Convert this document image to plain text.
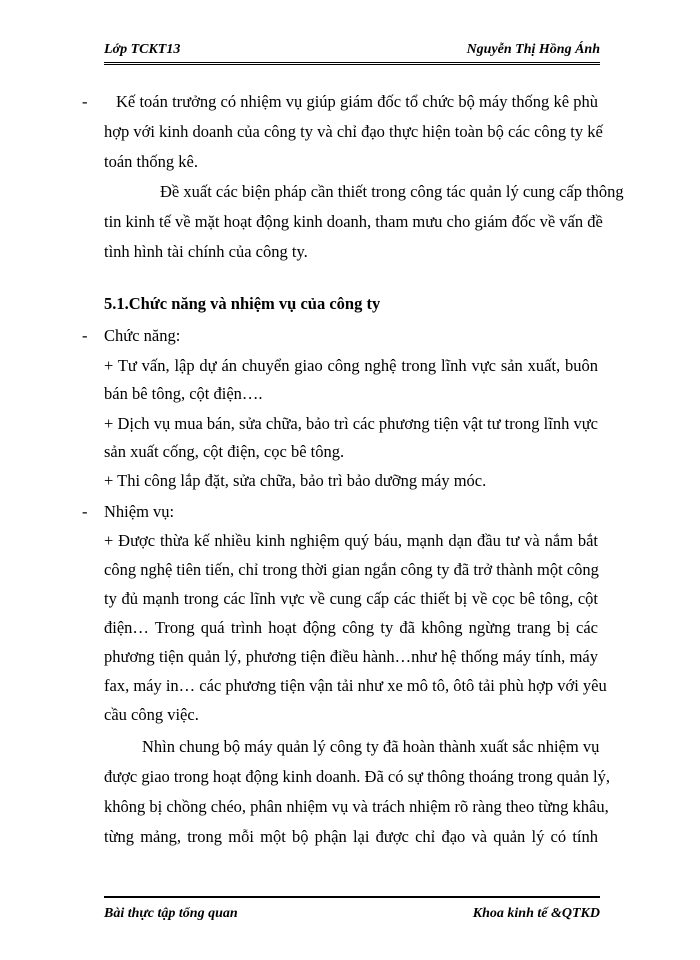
Lớp TCKT13	Nguyễn Thị Hồng Ánh
- Kế toán trưởng có nhiệm vụ giúp giám đốc tổ chức bộ máy thống kê phù
hợp với kinh doanh của công ty và chỉ đạo thực hiện toàn bộ các công ty kế
toán thống kê.
Đề xuất các biện pháp cần thiết trong công tác quản lý cung cấp thông
tin kinh tế về mặt hoạt động kinh doanh, tham mưu cho giám đốc về vấn đề
tình hình tài chính của công ty.
5.1.Chức năng và nhiệm vụ của công ty
- Chức năng:
+ Tư vấn, lập dự án chuyển giao công nghệ trong lĩnh vực sản xuất, buôn
bán bê tông, cột điện….
+ Dịch vụ mua bán, sửa chữa, bảo trì các phương tiện vật tư trong lĩnh vực
sản xuất cống, cột điện, cọc bê tông.
+ Thi công lắp đặt, sửa chữa, bảo trì bảo dưỡng máy móc.
- Nhiệm vụ:
+ Được thừa kế nhiều kinh nghiệm quý báu, mạnh dạn đầu tư và nắm bắt
công nghệ tiên tiến, chỉ trong thời gian ngắn công ty đã trở thành một công
ty đủ mạnh trong các lĩnh vực về cung cấp các thiết bị về cọc bê tông, cột
điện… Trong quá trình hoạt động công ty đã không ngừng trang bị các
phương tiện quản lý, phương tiện điều hành…như hệ thống máy tính, máy
fax, máy in… các phương tiện vận tải như xe mô tô, ôtô tải phù hợp với yêu
cầu công việc.
Nhìn chung bộ máy quản lý công ty đã hoàn thành xuất sắc nhiệm vụ
được giao trong hoạt động kinh doanh. Đã có sự thông thoáng trong quản lý,
không bị chồng chéo, phân nhiệm vụ và trách nhiệm rõ ràng theo từng khâu,
từng mảng, trong mỗi một bộ phận lại được chỉ đạo và quản lý có tính
Bài thực tập tổng quan	Khoa kinh tế &QTKD
